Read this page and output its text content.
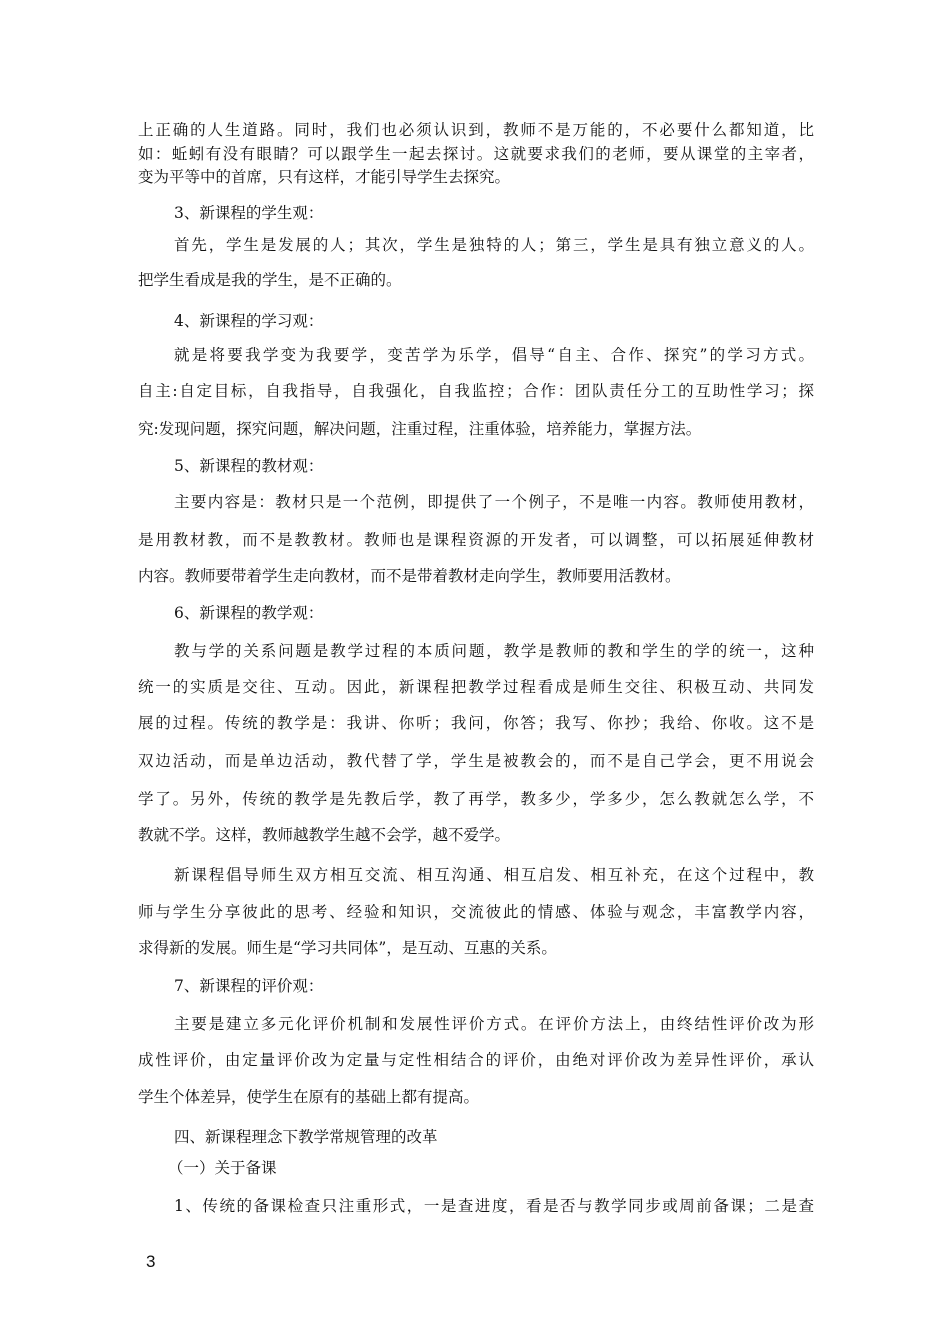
上正确的人生道路。同时，我们也必须认识到，教师不是万能的，不必要什么都知道，比
如：蚯蚓有没有眼睛？可以跟学生一起去探讨。这就要求我们的老师，要从课堂的主宰者，
变为平等中的首席，只有这样，才能引导学生去探究。
3、新课程的学生观：
首先，学生是发展的人；其次，学生是独特的人；第三，学生是具有独立意义的人。
把学生看成是我的学生，是不正确的。
4、新课程的学习观：
就是将要我学变为我要学，变苦学为乐学，倡导“自主、合作、探究”的学习方式。
自主:自定目标，自我指导，自我强化，自我监控；合作：团队责任分工的互助性学习；探
究:发现问题，探究问题，解决问题，注重过程，注重体验，培养能力，掌握方法。
5、新课程的教材观：
主要内容是：教材只是一个范例，即提供了一个例子，不是唯一内容。教师使用教材，
是用教材教，而不是教教材。教师也是课程资源的开发者，可以调整，可以拓展延伸教材
内容。教师要带着学生走向教材，而不是带着教材走向学生，教师要用活教材。
6、新课程的教学观：
教与学的关系问题是教学过程的本质问题，教学是教师的教和学生的学的统一，这种
统一的实质是交往、互动。因此，新课程把教学过程看成是师生交往、积极互动、共同发
展的过程。传统的教学是：我讲、你听；我问，你答；我写、你抄；我给、你收。这不是
双边活动，而是单边活动，教代替了学，学生是被教会的，而不是自己学会，更不用说会
学了。另外，传统的教学是先教后学，教了再学，教多少，学多少，怎么教就怎么学，不
教就不学。这样，教师越教学生越不会学，越不爱学。
新课程倡导师生双方相互交流、相互沟通、相互启发、相互补充，在这个过程中，教
师与学生分享彼此的思考、经验和知识，交流彼此的情感、体验与观念，丰富教学内容，
求得新的发展。师生是“学习共同体”，是互动、互惠的关系。
7、新课程的评价观：
主要是建立多元化评价机制和发展性评价方式。在评价方法上，由终结性评价改为形
成性评价，由定量评价改为定量与定性相结合的评价，由绝对评价改为差异性评价，承认
学生个体差异，使学生在原有的基础上都有提高。
四、新课程理念下教学常规管理的改革
（一）关于备课
1、传统的备课检查只注重形式，一是查进度，看是否与教学同步或周前备课；二是查
3
